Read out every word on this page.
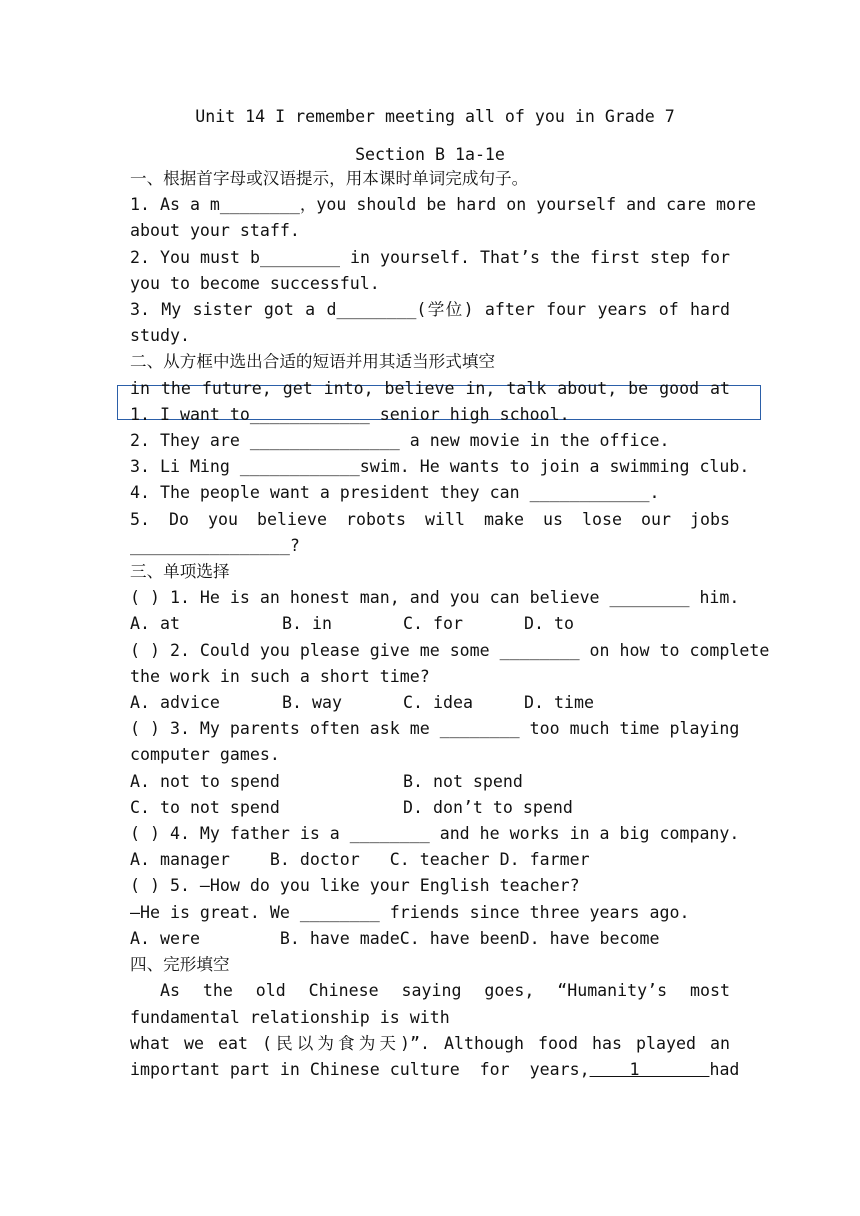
Unit 14 I remember meeting all of you in Grade 7
Section B 1a-1e
一、根据首字母或汉语提示，用本课时单词完成句子。
1. As a m________，you should be hard on yourself and care more
about your staff.
2. You must b________ in yourself. That’s the first step for
you to become successful.
3. My sister got a d________(学位) after four years of hard
study.
二、从方框中选出合适的短语并用其适当形式填空
in the future, get into, believe in, talk about, be good at
1. I want to____________ senior high school.
2. They are _______________ a new movie in the office.
3. Li Ming ____________swim. He wants to join a swimming club.
4. The people want a president they can ____________.
5. Do you believe robots will make us lose our jobs
________________?
三、单项选择
( ) 1. He is an honest man, and you can believe ________ him.
A. at	B. in	C. for	D. to
( ) 2. Could you please give me some ________ on how to complete
the work in such a short time?
A. advice	B. way	C. idea	D. time
( ) 3. My parents often ask me ________ too much time playing
computer games.
A. not to spend	B. not spend
C. to not spend	D. don’t to spend
( ) 4. My father is a ________ and he works in a big company.
A. manager    B. doctor   C. teacher D. farmer
( ) 5. —How do you like your English teacher?
—He is great. We ________ friends since three years ago.
A. were        B. have madeC. have beenD. have become
四、完形填空
As the old Chinese saying goes, “Humanity’s most
fundamental relationship is with
what we eat (民以为食为天)”. Although food has played an
important part in Chinese culture  for  years,    1       had
